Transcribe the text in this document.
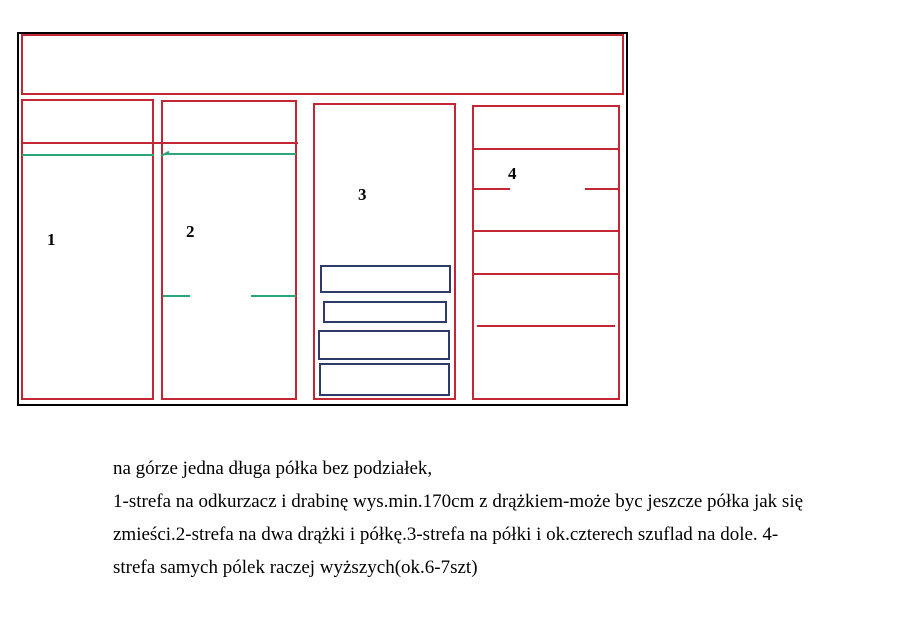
1	2
3
4
na górze jedna długa półka bez podziałek,
1-strefa na odkurzacz i drabinę wys.min.170cm z drążkiem-może byc jeszcze półka jak się
zmieści.2-strefa na dwa drążki i półkę.3-strefa na półki i ok.czterech szuflad na dole. 4-
strefa samych pólek raczej wyższych(ok.6-7szt)
